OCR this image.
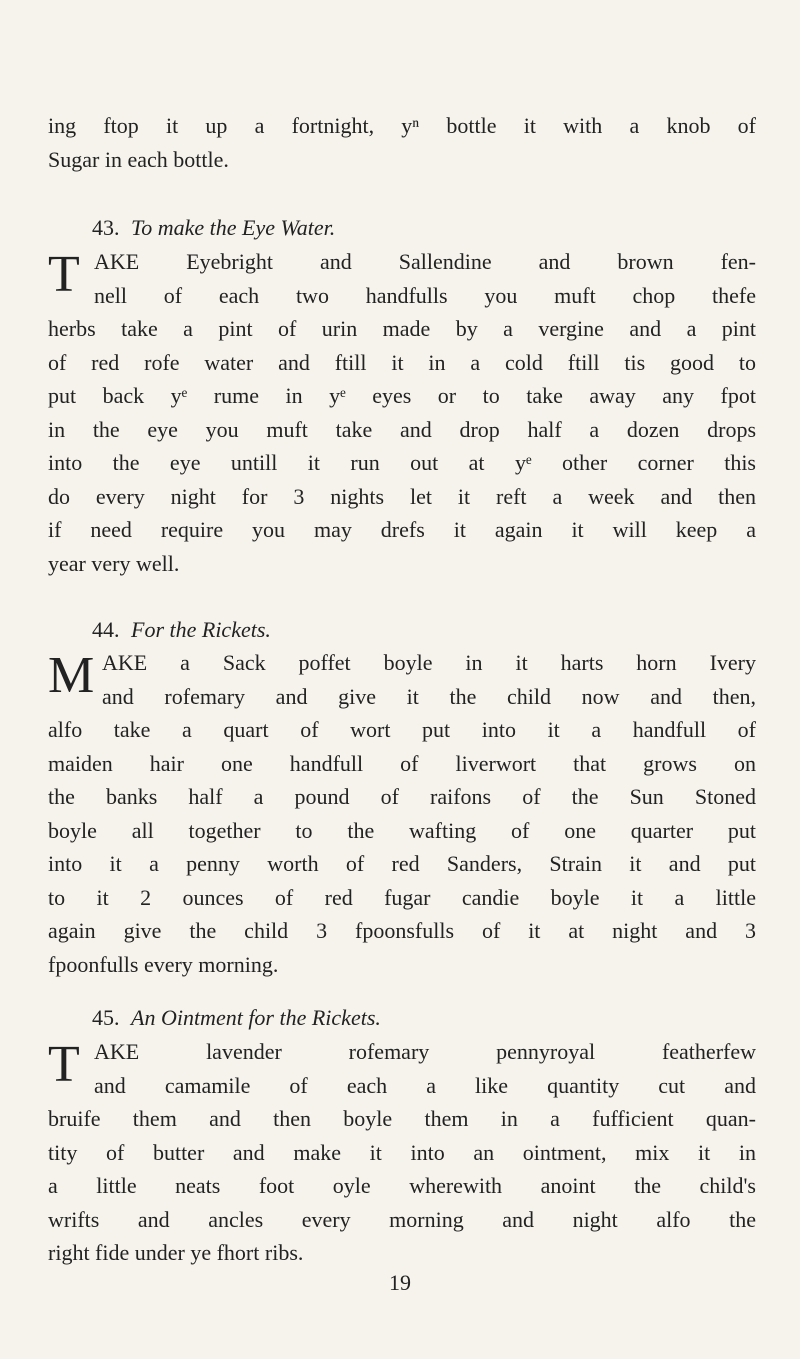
ing ftop it up a fortnight, yⁿ bottle it with a knob of
Sugar in each bottle.
43. To make the Eye Water.
T AKE Eyebright and Sallendine and brown fen-
nell of each two handfulls you muft chop thefe
herbs take a pint of urin made by a vergine and a pint
of red rofe water and ftill it in a cold ftill tis good to
put back yᵉ rume in yᵉ eyes or to take away any fpot
in the eye you muft take and drop half a dozen drops
into the eye untill it run out at yᵉ other corner this
do every night for 3 nights let it reft a week and then
if need require you may drefs it again it will keep a
year very well.
44. For the Rickets.
M AKE a Sack poffet boyle in it harts horn Ivery
and rofemary and give it the child now and then,
alfo take a quart of wort put into it a handfull of
maiden hair one handfull of liverwort that grows on
the banks half a pound of raifons of the Sun Stoned
boyle all together to the wafting of one quarter put
into it a penny worth of red Sanders, Strain it and put
to it 2 ounces of red fugar candie boyle it a little
again give the child 3 fpoonsfulls of it at night and 3
fpoonfulls every morning.
45. An Ointment for the Rickets.
T AKE lavender rofemary pennyroyal featherfew
and camamile of each a like quantity cut and
bruife them and then boyle them in a fufficient quan-
tity of butter and make it into an ointment, mix it in
a little neats foot oyle wherewith anoint the child's
wrifts and ancles every morning and night alfo the
right fide under ye fhort ribs.
19
